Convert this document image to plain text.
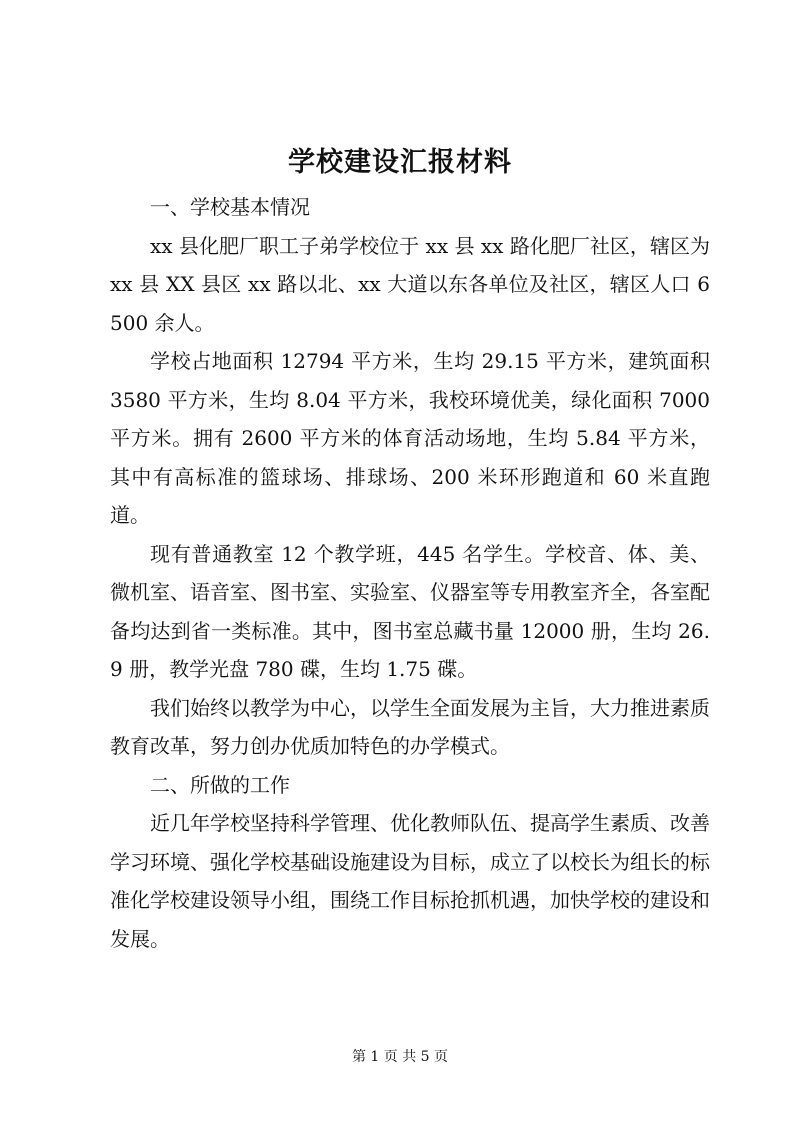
学校建设汇报材料

一、学校基本情况

xx 县化肥厂职工子弟学校位于 xx 县 xx 路化肥厂社区，辖区为 xx 县 XX 县区 xx 路以北、xx 大道以东各单位及社区，辖区人口 6500 余人。

学校占地面积 12794 平方米，生均 29.15 平方米，建筑面积 3580 平方米，生均 8.04 平方米，我校环境优美，绿化面积 7000 平方米。拥有 2600 平方米的体育活动场地，生均 5.84 平方米，其中有高标准的篮球场、排球场、200 米环形跑道和 60 米直跑道。

现有普通教室 12 个教学班，445 名学生。学校音、体、美、微机室、语音室、图书室、实验室、仪器室等专用教室齐全，各室配备均达到省一类标准。其中，图书室总藏书量 12000 册，生均 26.9 册，教学光盘 780 碟，生均 1.75 碟。

我们始终以教学为中心，以学生全面发展为主旨，大力推进素质教育改革，努力创办优质加特色的办学模式。

二、所做的工作

近几年学校坚持科学管理、优化教师队伍、提高学生素质、改善学习环境、强化学校基础设施建设为目标，成立了以校长为组长的标准化学校建设领导小组，围绕工作目标抢抓机遇，加快学校的建设和发展。

第 1 页 共 5 页
